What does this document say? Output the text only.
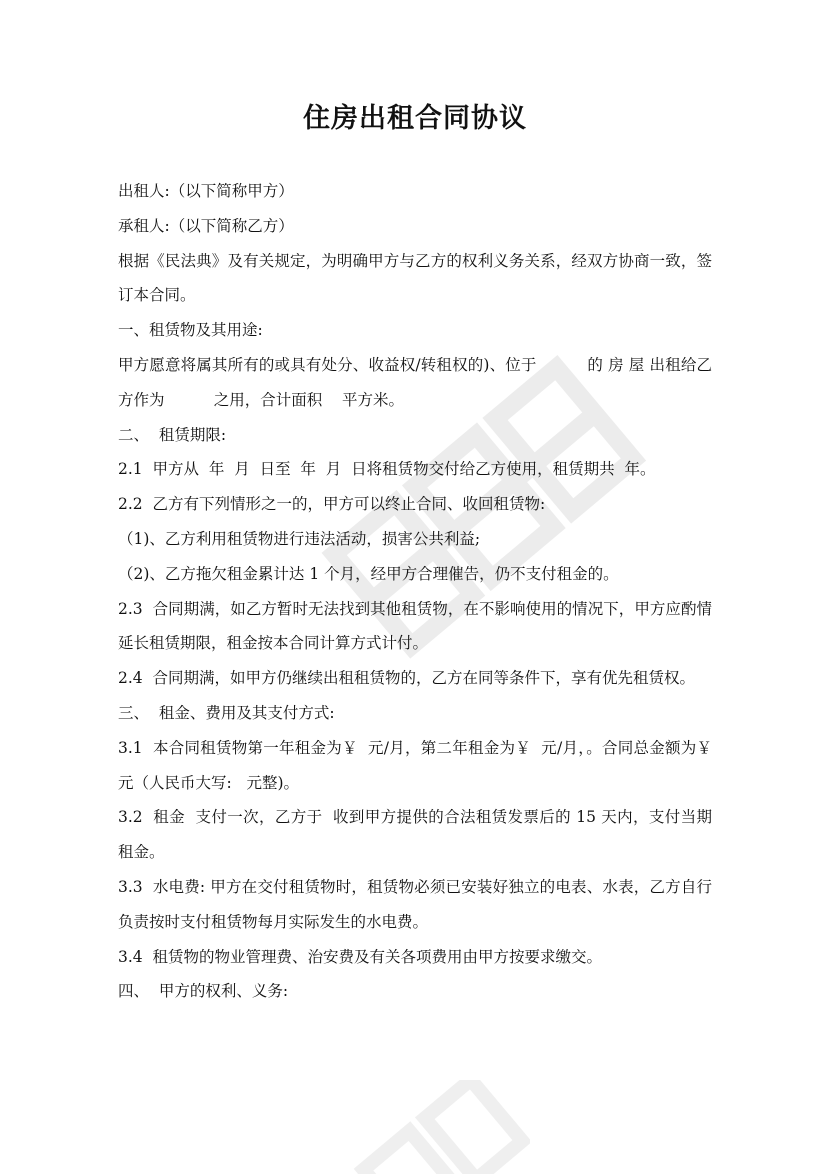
住房出租合同协议

出租人:（以下简称甲方）

承租人:（以下简称乙方）

根据《民法典》及有关规定，为明确甲方与乙方的权利义务关系，经双方协商一致，签订本合同。

一、租赁物及其用途:

甲方愿意将属其所有的或具有处分、收益权/转租权的)、位于          的 房 屋 出租给乙方作为          之用，合计面积    平方米。

二、  租赁期限:

2.1  甲方从  年  月  日至  年  月  日将租赁物交付给乙方使用，租赁期共  年。

2.2  乙方有下列情形之一的，甲方可以终止合同、收回租赁物:

（1)、乙方利用租赁物进行违法活动，损害公共利益;

（2)、乙方拖欠租金累计达 1 个月，经甲方合理催告，仍不支付租金的。

2.3  合同期满，如乙方暂时无法找到其他租赁物，在不影响使用的情况下，甲方应酌情延长租赁期限，租金按本合同计算方式计付。

2.4  合同期满，如甲方仍继续出租租赁物的，乙方在同等条件下，享有优先租赁权。

三、  租金、费用及其支付方式:

3.1  本合同租赁物第一年租金为￥  元/月，第二年租金为￥  元/月，。合同总金额为￥  元（人民币大写:   元整)。

3.2  租金  支付一次，乙方于  收到甲方提供的合法租赁发票后的 15 天内，支付当期租金。

3.3  水电费: 甲方在交付租赁物时，租赁物必须已安装好独立的电表、水表，乙方自行负责按时支付租赁物每月实际发生的水电费。

3.4  租赁物的物业管理费、治安费及有关各项费用由甲方按要求缴交。

四、  甲方的权利、义务:
